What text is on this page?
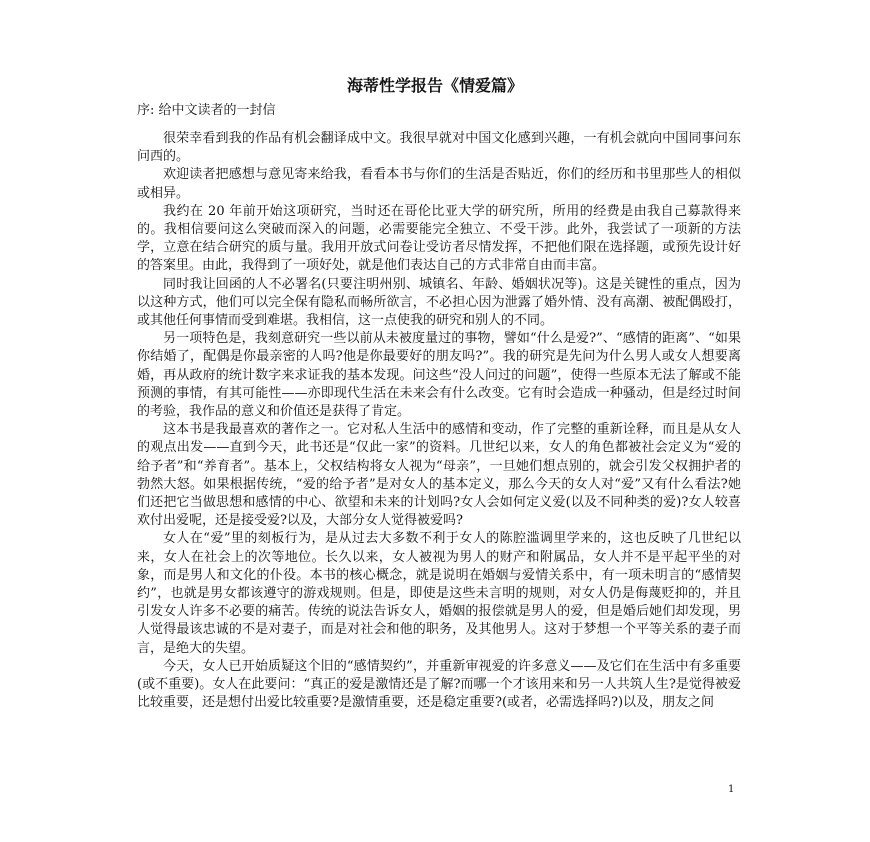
海蒂性学报告《情爱篇》

序: 给中文读者的一封信

很荣幸看到我的作品有机会翻译成中文。我很早就对中国文化感到兴趣，一有机会就向中国同事问东问西的。

欢迎读者把感想与意见寄来给我，看看本书与你们的生活是否贴近，你们的经历和书里那些人的相似或相异。

我约在 20 年前开始这项研究，当时还在哥伦比亚大学的研究所，所用的经费是由我自己募款得来的。我相信要问这么突破而深入的问题，必需要能完全独立、不受干涉。此外，我尝试了一项新的方法学，立意在结合研究的质与量。我用开放式问卷让受访者尽情发挥，不把他们限在选择题，或预先设计好的答案里。由此，我得到了一项好处，就是他们表达自己的方式非常自由而丰富。

同时我让回函的人不必署名(只要注明州别、城镇名、年龄、婚姻状况等)。这是关键性的重点，因为以这种方式，他们可以完全保有隐私而畅所欲言，不必担心因为泄露了婚外情、没有高潮、被配偶殴打，或其他任何事情而受到难堪。我相信，这一点使我的研究和别人的不同。

另一项特色是，我刻意研究一些以前从未被度量过的事物，譬如“什么是爱?”、“感情的距离”、“如果你结婚了，配偶是你最亲密的人吗?他是你最要好的朋友吗?”。我的研究是先问为什么男人或女人想要离婚，再从政府的统计数字来求证我的基本发现。问这些“没人问过的问题”，使得一些原本无法了解或不能预测的事情，有其可能性——亦即现代生活在未来会有什么改变。它有时会造成一种骚动，但是经过时间的考验，我作品的意义和价值还是获得了肯定。

这本书是我最喜欢的著作之一。它对私人生活中的感情和变动，作了完整的重新诠释，而且是从女人的观点出发——直到今天，此书还是“仅此一家”的资料。几世纪以来，女人的角色都被社会定义为“爱的给予者”和“养育者”。基本上，父权结构将女人视为“母亲”，一旦她们想点别的，就会引发父权拥护者的勃然大怒。如果根据传统，“爱的给予者”是对女人的基本定义，那么今天的女人对“爱”又有什么看法?她们还把它当做思想和感情的中心、欲望和未来的计划吗?女人会如何定义爱(以及不同种类的爱)?女人较喜欢付出爱呢，还是接受爱?以及，大部分女人觉得被爱吗?

女人在“爱”里的刻板行为，是从过去大多数不利于女人的陈腔滥调里学来的，这也反映了几世纪以来，女人在社会上的次等地位。长久以来，女人被视为男人的财产和附属品，女人并不是平起平坐的对象，而是男人和文化的仆役。本书的核心概念，就是说明在婚姻与爱情关系中，有一项未明言的“感情契约”，也就是男女都该遵守的游戏规则。但是，即使是这些未言明的规则，对女人仍是侮蔑贬抑的，并且引发女人许多不必要的痛苦。传统的说法告诉女人，婚姻的报偿就是男人的爱，但是婚后她们却发现，男人觉得最该忠诚的不是对妻子，而是对社会和他的职务，及其他男人。这对于梦想一个平等关系的妻子而言，是绝大的失望。

今天，女人已开始质疑这个旧的“感情契约”，并重新审视爱的许多意义——及它们在生活中有多重要(或不重要)。女人在此要问：“真正的爱是激情还是了解?而哪一个才该用来和另一人共筑人生?是觉得被爱比较重要，还是想付出爱比较重要?是激情重要，还是稳定重要?(或者，必需选择吗?)以及，朋友之间

1
